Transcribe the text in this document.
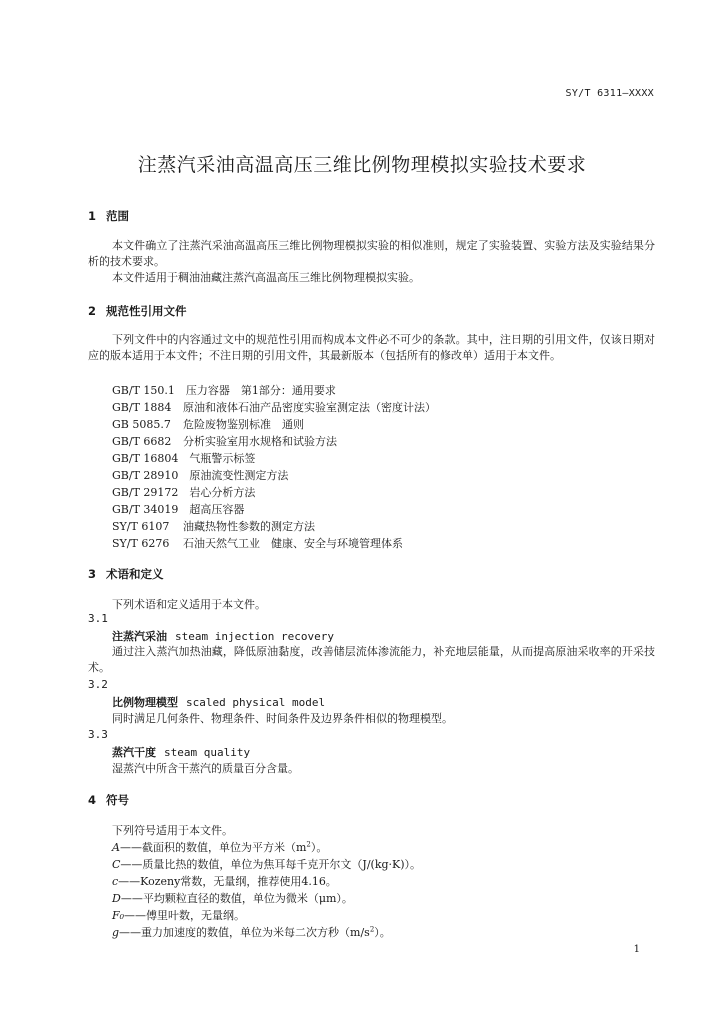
SY/T 6311—XXXX
注蒸汽采油高温高压三维比例物理模拟实验技术要求
1 范围
本文件确立了注蒸汽采油高温高压三维比例物理模拟实验的相似准则，规定了实验装置、实验方法及实验结果分析的技术要求。
本文件适用于稠油油藏注蒸汽高温高压三维比例物理模拟实验。
2 规范性引用文件
下列文件中的内容通过文中的规范性引用而构成本文件必不可少的条款。其中，注日期的引用文件，仅该日期对应的版本适用于本文件；不注日期的引用文件，其最新版本（包括所有的修改单）适用于本文件。
GB/T 150.1　 压力容器　第1部分：通用要求
GB/T 1884　 原油和液体石油产品密度实验室测定法（密度计法）
GB 5085.7　 危险废物鉴别标准　通则
GB/T 6682　 分析实验室用水规格和试验方法
GB/T 16804　 气瓶警示标签
GB/T 28910　 原油流变性测定方法
GB/T 29172　 岩心分析方法
GB/T 34019　 超高压容器
SY/T 6107　 油藏热物性参数的测定方法
SY/T 6276　 石油天然气工业　健康、安全与环境管理体系
3 术语和定义
下列术语和定义适用于本文件。
3.1
注蒸汽采油 steam injection recovery
通过注入蒸汽加热油藏，降低原油黏度，改善储层流体渗流能力，补充地层能量，从而提高原油采收率的开采技术。
3.2
比例物理模型 scaled physical model
同时满足几何条件、物理条件、时间条件及边界条件相似的物理模型。
3.3
蒸汽干度 steam quality
湿蒸汽中所含干蒸汽的质量百分含量。
4 符号
下列符号适用于本文件。
A——截面积的数值，单位为平方米$(m^2)$。
C——质量比热的数值，单位为焦耳每千克开尔文（J/(kg·K)）。
c——Kozeny常数，无量纲，推荐使用4.16。
D——平均颗粒直径的数值，单位为微米（μm）。
F₀——傅里叶数，无量纲。
g——重力加速度的数值，单位为米每二次方秒$(m/s^2)$。
1
